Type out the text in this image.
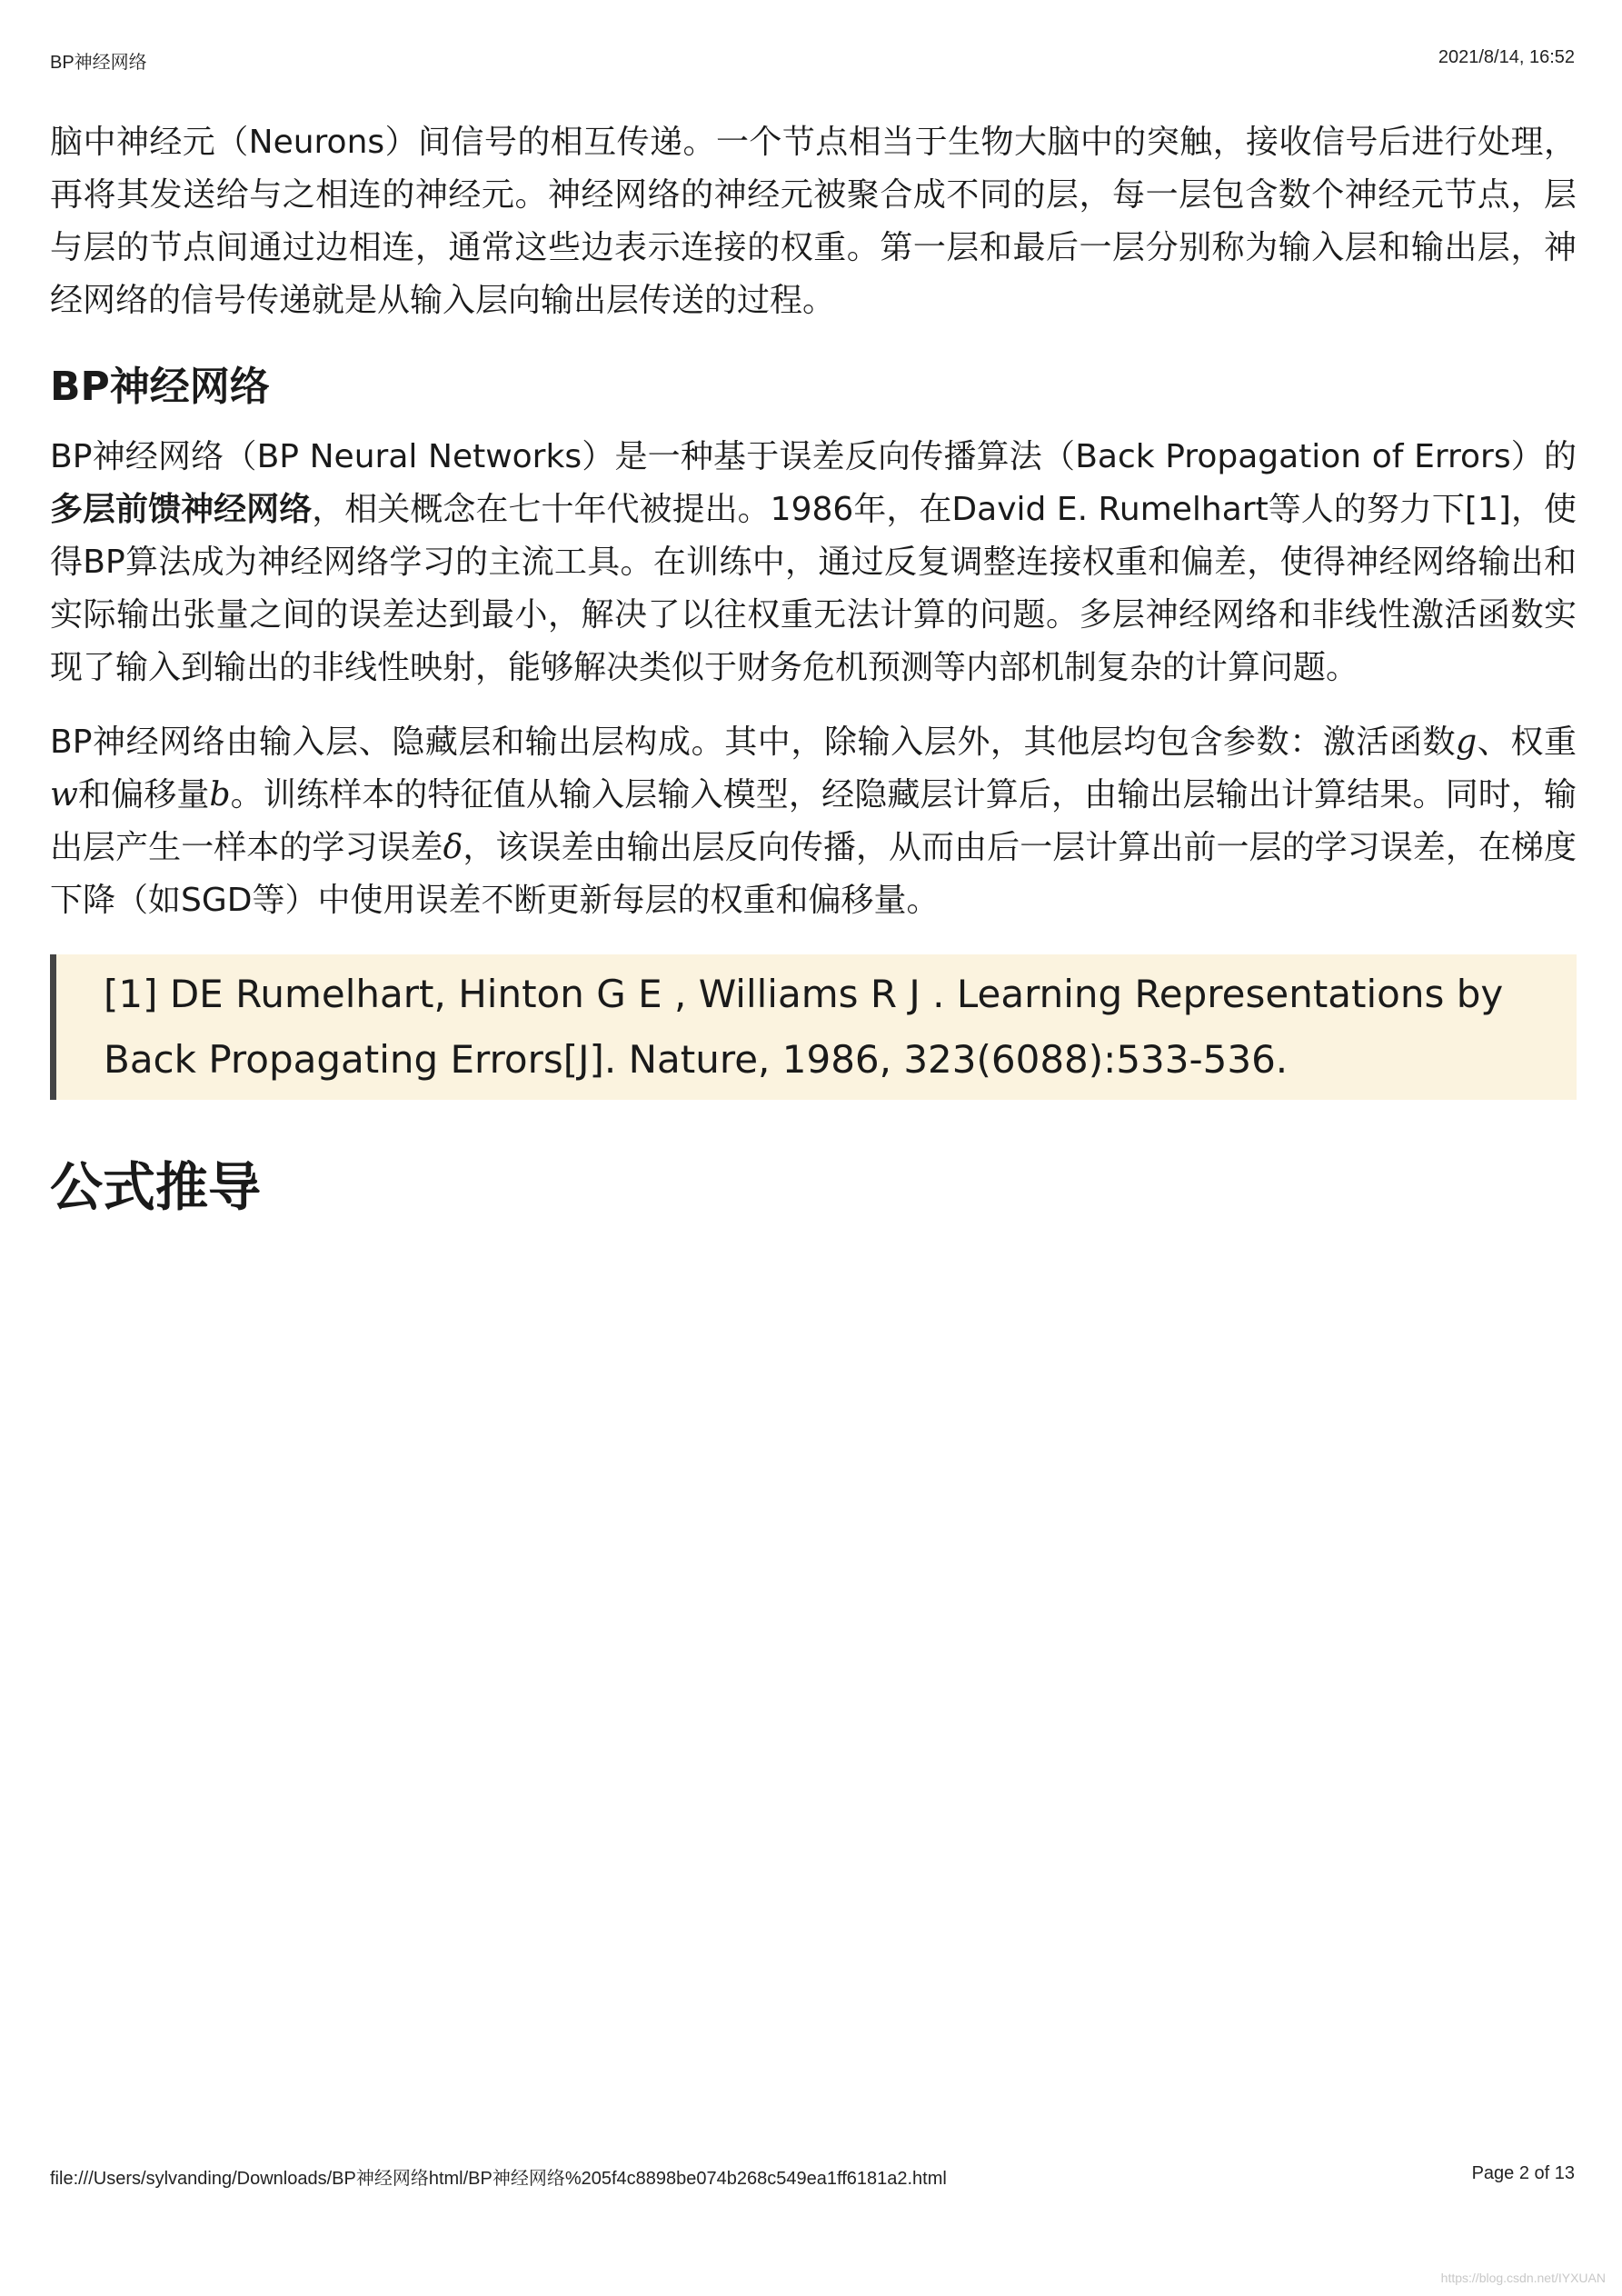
BP神经网络	2021/8/14, 16:52

脑中神经元（Neurons）间信号的相互传递。一个节点相当于生物大脑中的突触，接收信号后进行处理，再将其发送给与之相连的神经元。神经网络的神经元被聚合成不同的层，每一层包含数个神经元节点，层与层的节点间通过边相连，通常这些边表示连接的权重。第一层和最后一层分别称为输入层和输出层，神经网络的信号传递就是从输入层向输出层传送的过程。

BP神经网络

BP神经网络（BP Neural Networks）是一种基于误差反向传播算法（Back Propagation of Errors）的多层前馈神经网络，相关概念在七十年代被提出。1986年，在David E. Rumelhart等人的努力下[1]，使得BP算法成为神经网络学习的主流工具。在训练中，通过反复调整连接权重和偏差，使得神经网络输出和实际输出张量之间的误差达到最小，解决了以往权重无法计算的问题。多层神经网络和非线性激活函数实现了输入到输出的非线性映射，能够解决类似于财务危机预测等内部机制复杂的计算问题。

BP神经网络由输入层、隐藏层和输出层构成。其中，除输入层外，其他层均包含参数：激活函数g、权重w和偏移量b。训练样本的特征值从输入层输入模型，经隐藏层计算后，由输出层输出计算结果。同时，输出层产生一样本的学习误差δ，该误差由输出层反向传播，从而由后一层计算出前一层的学习误差，在梯度下降（如SGD等）中使用误差不断更新每层的权重和偏移量。

[1] DE Rumelhart, Hinton G E , Williams R J . Learning Representations by Back Propagating Errors[J]. Nature, 1986, 323(6088):533-536.

公式推导
file:///Users/sylvanding/Downloads/BP神经网络html/BP神经网络%205f4c8898be074b268c549ea1ff6181a2.html	Page 2 of 13
https://blog.csdn.net/IYXUAN
